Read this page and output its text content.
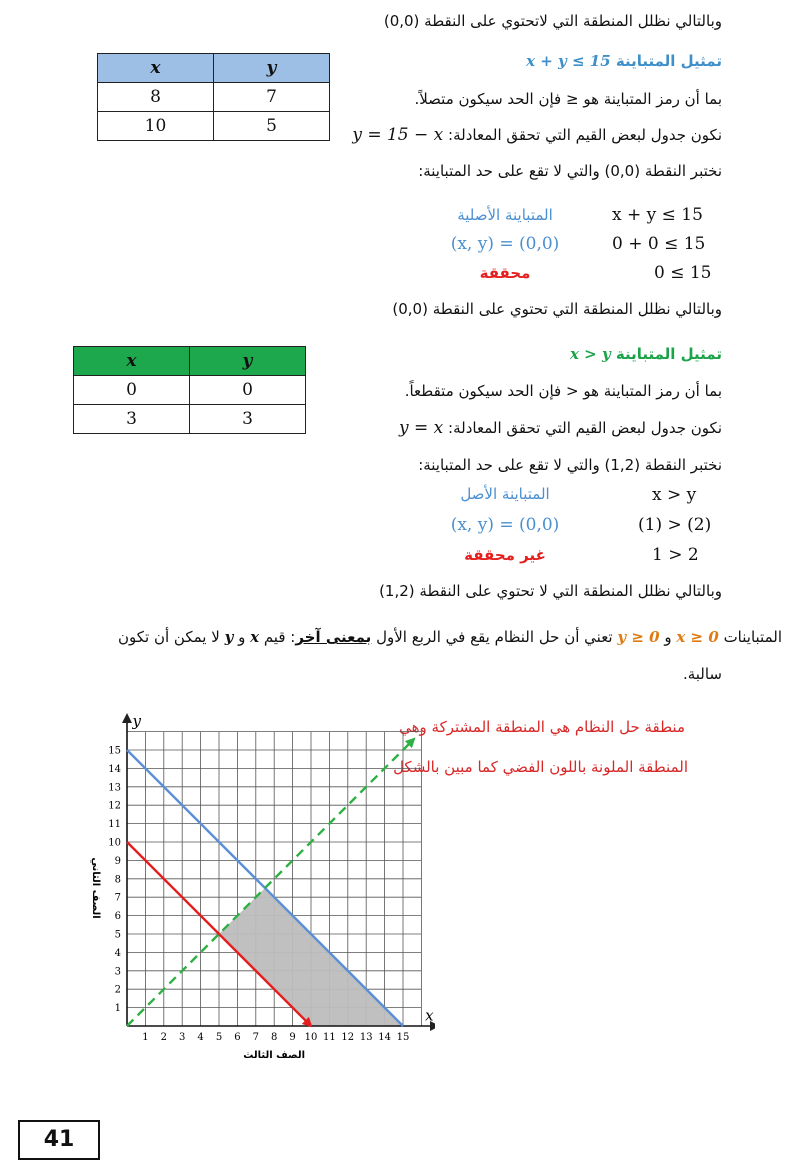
وبالتالي نظلل المنطقة التي لاتحتوي على النقطة (0,0)
تمثيل المتباينة x + y ≤ 15
بما أن رمز المتباينة هو ≤ فإن الحد سيكون متصلاً.
نكون جدول لبعض القيم التي تحقق المعادلة: y = 15 − x
نختبر النقطة (0,0) والتي لا تقع على حد المتباينة:
x + y ≤ 15
المتباينة الأصلية
0 + 0 ≤ 15
(x, y) = (0,0)
0 ≤ 15
محققة
وبالتالي نظلل المنطقة التي تحتوي على النقطة (0,0)
x	y
8	7
10	5
تمثيل المتباينة x > y
بما أن رمز المتباينة هو < فإن الحد سيكون متقطعاً.
نكون جدول لبعض القيم التي تحقق المعادلة: y = x
نختبر النقطة (1,2) والتي لا تقع على حد المتباينة:
x > y
المتباينة الأصل
(1) > (2)
(x, y) = (0,0)
1 > 2
غير محققة
وبالتالي نظلل المنطقة التي لا تحتوي على النقطة (1,2)
x	y
0	0
3	3
المتباينات 0 ≤ x و 0 ≤ y تعني أن حل النظام يقع في الربع الأول بمعنى آخر: قيم x و y لا يمكن أن تكون
سالبة.
منطقة حل النظام هي المنطقة المشتركة وهي
المنطقة الملونة باللون الفضي كما مبين بالشكل
1 2 3 4 5 6 7 8 9 10 11 12 13 14 15
1
2
3
4
5
6
7
8
9
10
11
12
13
14
15
x
y
الصف الثالث
الصف الثاني
41
